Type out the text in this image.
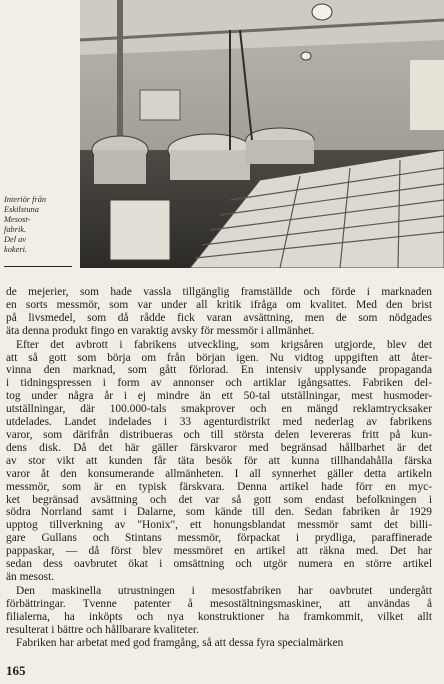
Interiör från
Eskilstuna
Mesost-
fabrik.
Del av
kokeri.
de mejerier, som hade vassla tillgänglig framställde och förde i marknaden
en sorts messmör, som var under all kritik ifråga om kvalitet. Med den brist
på livsmedel, som då rådde fick varan avsättning, men de som nödgades
äta denna produkt fingo en varaktig avsky för messmör i allmänhet.
Efter det avbrott i fabrikens utveckling, som krigsåren utgjorde, blev det
att så gott som börja om från början igen. Nu vidtog uppgiften att åter-
vinna den marknad, som gått förlorad. En intensiv upplysande propaganda
i tidningspressen i form av annonser och artiklar igångsattes. Fabriken del-
tog under några år i ej mindre än ett 50-tal utställningar, mest husmoder-
utställningar, där 100.000-tals smakprover och en mängd reklamtrycksaker
utdelades. Landet indelades i 33 agenturdistrikt med nederlag av fabrikens
varor, som därifrån distribueras och till största delen levereras fritt på kun-
dens disk. Då det här gäller färskvaror med begränsad hållbarhet är det
av stor vikt att kunden får täta besök för att kunna tillhandahålla färska
varor åt den konsumerande allmänheten. I all synnerhet gäller detta artikeln
messmör, som är en typisk färskvara. Denna artikel hade förr en myc-
ket begränsad avsättning och det var så gott som endast befolkningen i
södra Norrland samt i Dalarne, som kände till den. Sedan fabriken år 1929
upptog tillverkning av "Honix", ett honungsblandat messmör samt det billi-
gare Gullans och Stintans messmör, förpackat i prydliga, paraffinerade
pappaskar, — då först blev messmöret en artikel att räkna med. Det har
sedan dess oavbrutet ökat i omsättning och utgör numera en större artikel
än mesost.
Den maskinella utrustningen i mesostfabriken har oavbrutet undergått
förbättringar. Tvenne patenter å mesostältningsmaskiner, att användas å
filialerna, ha inköpts och nya konstruktioner ha framkommit, vilket allt
resulterat i bättre och hållbarare kvaliteter.
Fabriken har arbetat med god framgång, så att dessa fyra specialmärken
165
